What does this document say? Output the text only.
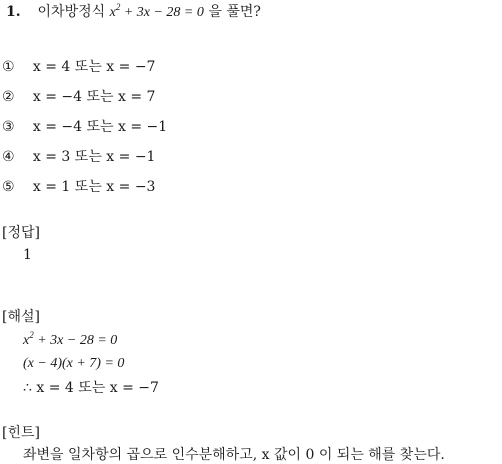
1. 이차방정식 $x^2 + 3x - 28 = 0$ 을 풀면?
① x = 4 또는 x = −7
② x = −4 또는 x = 7
③ x = −4 또는 x = −1
④ x = 3 또는 x = −1
⑤ x = 1 또는 x = −3
[정답]
1
[해설]
$x^2 + 3x - 28 = 0$
(x − 4)(x + 7) = 0
∴ x = 4 또는 x = −7
[힌트]
좌변을 일차항의 곱으로 인수분해하고, x 값이 0 이 되는 해를 찾는다.
